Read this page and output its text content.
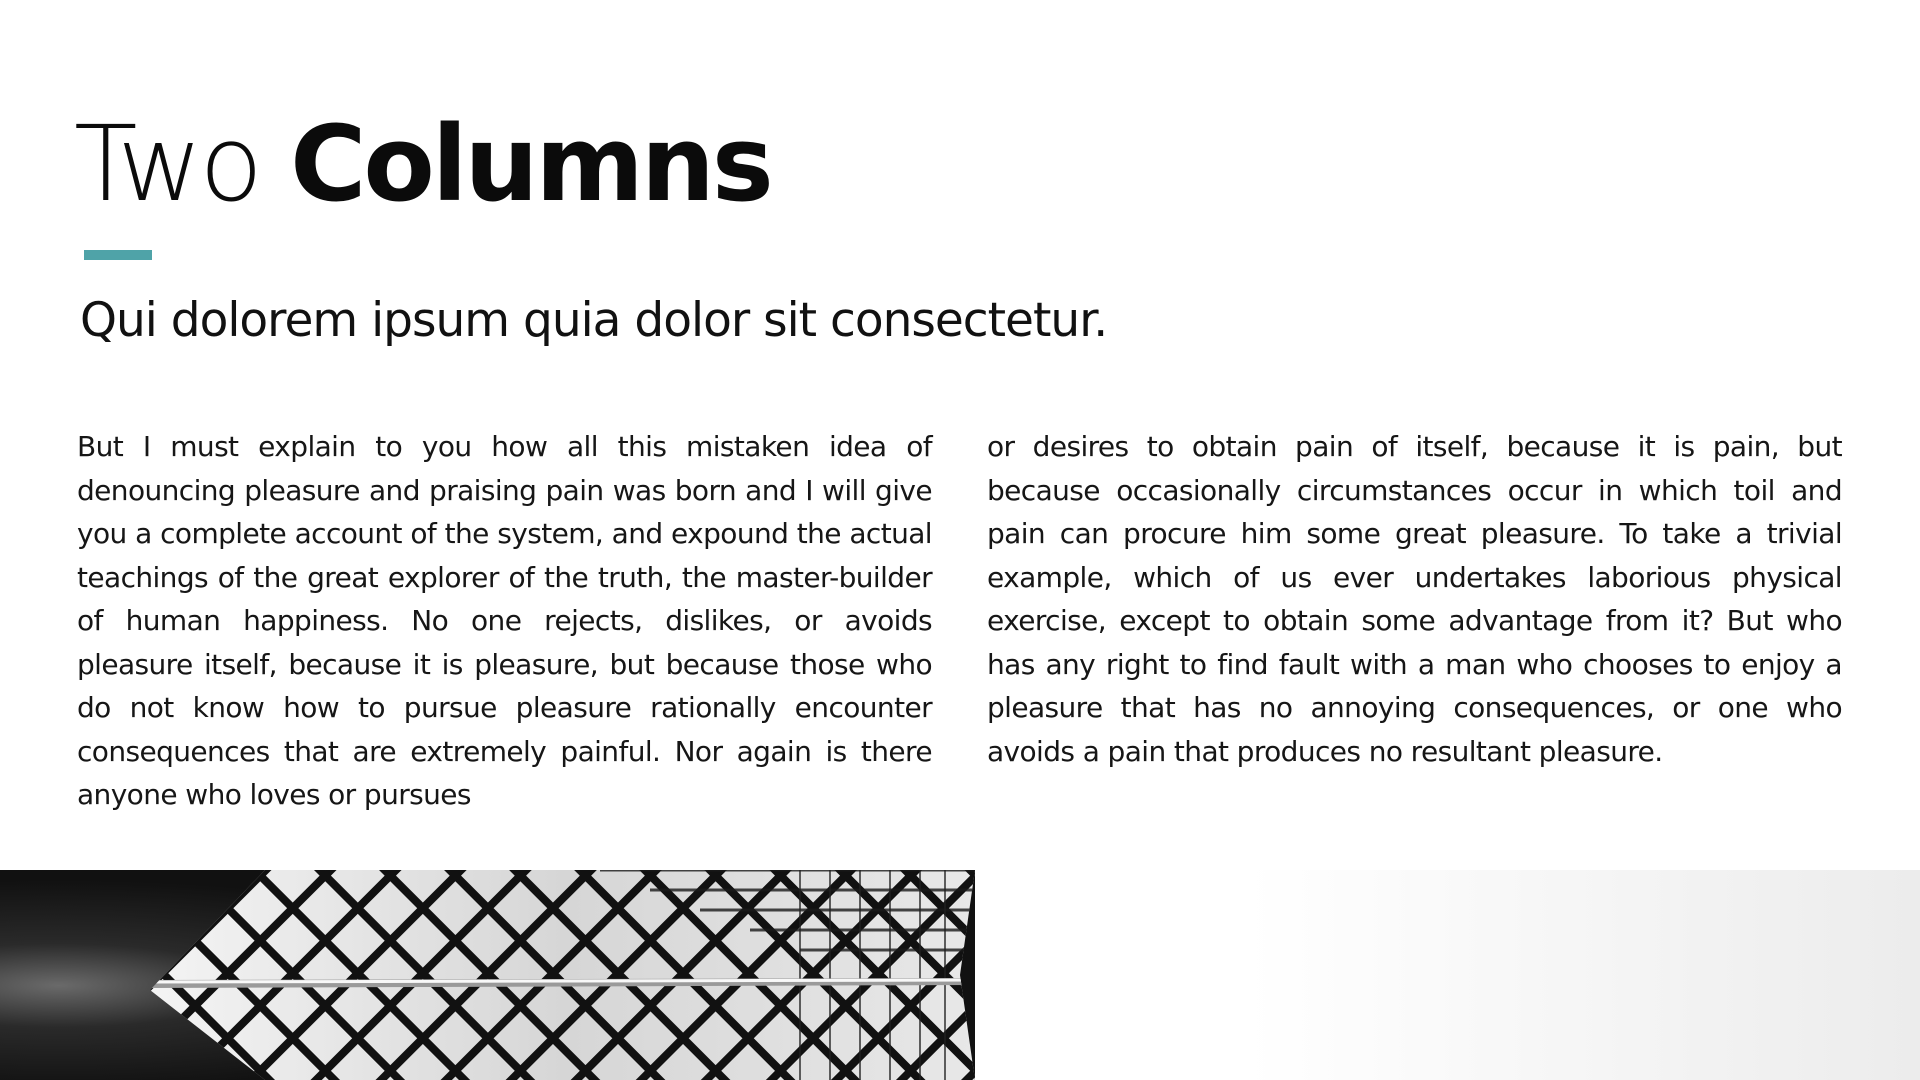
Two Columns
Qui dolorem ipsum quia dolor sit consectetur.
But I must explain to you how all this mistaken idea of denouncing pleasure and praising pain was born and I will give you a complete account of the system, and expound the actual teachings of the great explorer of the truth, the master-builder of human happiness. No one rejects, dislikes, or avoids pleasure itself, because it is pleasure, but because those who do not know how to pursue pleasure rationally encounter consequences that are extremely painful. Nor again is there anyone who loves or pursues
or desires to obtain pain of itself, because it is pain, but because occasionally circumstances occur in which toil and pain can procure him some great pleasure. To take a trivial example, which of us ever undertakes laborious physical exercise, except to obtain some advantage from it? But who has any right to find fault with a man who chooses to enjoy a pleasure that has no annoying consequences, or one who avoids a pain that produces no resultant pleasure.
